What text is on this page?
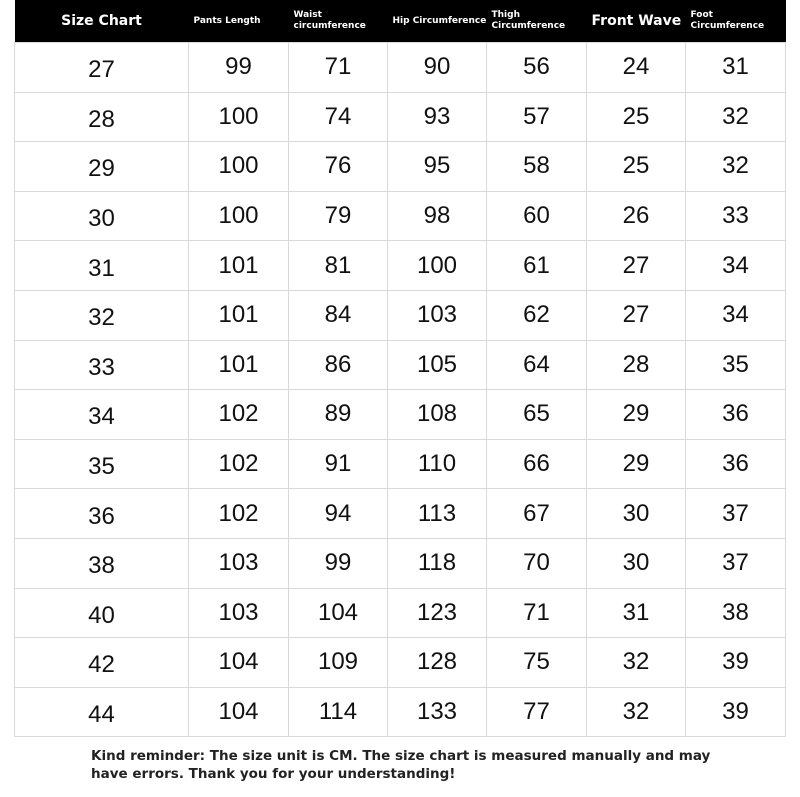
Size Chart	Pants Length	Waist circumference	Hip Circumference	Thigh Circumference	Front Wave	Foot Circumference
27	99	71	90	56	24	31
28	100	74	93	57	25	32
29	100	76	95	58	25	32
30	100	79	98	60	26	33
31	101	81	100	61	27	34
32	101	84	103	62	27	34
33	101	86	105	64	28	35
34	102	89	108	65	29	36
35	102	91	110	66	29	36
36	102	94	113	67	30	37
38	103	99	118	70	30	37
40	103	104	123	71	31	38
42	104	109	128	75	32	39
44	104	114	133	77	32	39
Kind reminder: The size unit is CM. The size chart is measured manually and may have errors. Thank you for your understanding!
